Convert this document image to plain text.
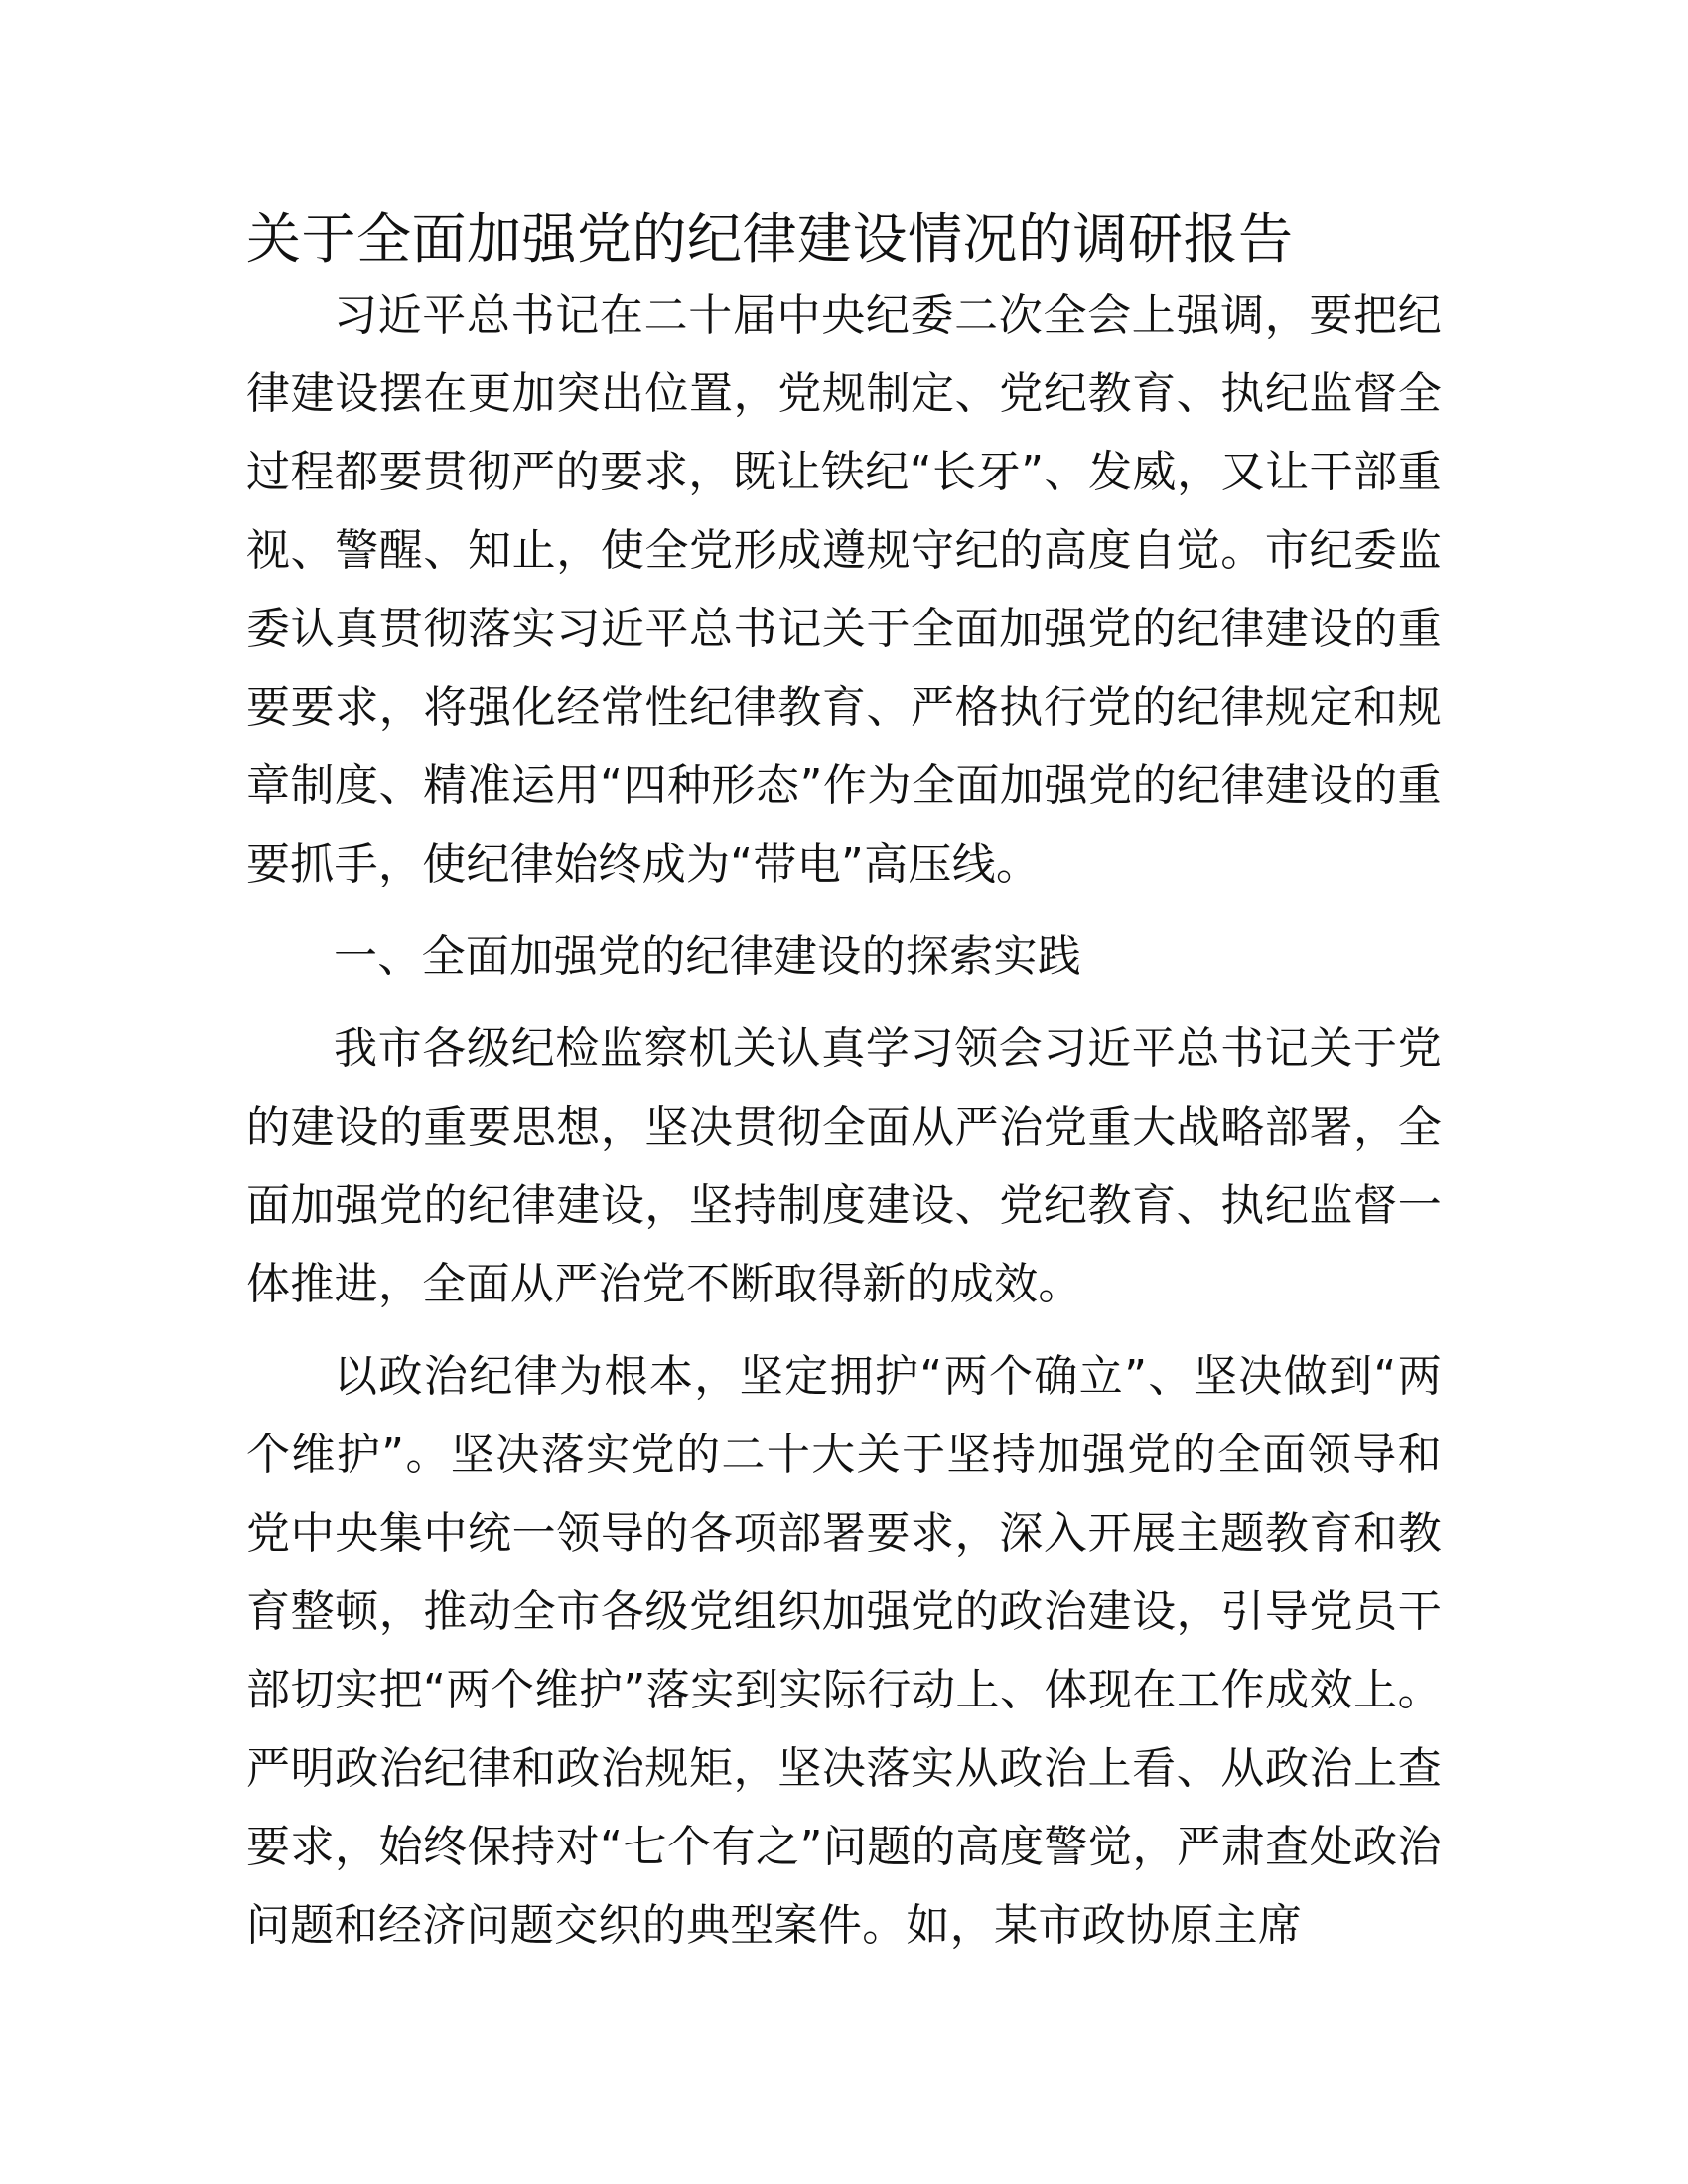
关于全面加强党的纪律建设情况的调研报告

习近平总书记在二十届中央纪委二次全会上强调，要把纪律建设摆在更加突出位置，党规制定、党纪教育、执纪监督全过程都要贯彻严的要求，既让铁纪“长牙”、发威，又让干部重视、警醒、知止，使全党形成遵规守纪的高度自觉。市纪委监委认真贯彻落实习近平总书记关于全面加强党的纪律建设的重要要求，将强化经常性纪律教育、严格执行党的纪律规定和规章制度、精准运用“四种形态”作为全面加强党的纪律建设的重要抓手，使纪律始终成为“带电”高压线。

一、全面加强党的纪律建设的探索实践

我市各级纪检监察机关认真学习领会习近平总书记关于党的建设的重要思想，坚决贯彻全面从严治党重大战略部署，全面加强党的纪律建设，坚持制度建设、党纪教育、执纪监督一体推进，全面从严治党不断取得新的成效。

以政治纪律为根本，坚定拥护“两个确立”、坚决做到“两个维护”。坚决落实党的二十大关于坚持加强党的全面领导和党中央集中统一领导的各项部署要求，深入开展主题教育和教育整顿，推动全市各级党组织加强党的政治建设，引导党员干部切实把“两个维护”落实到实际行动上、体现在工作成效上。严明政治纪律和政治规矩，坚决落实从政治上看、从政治上查要求，始终保持对“七个有之”问题的高度警觉，严肃查处政治问题和经济问题交织的典型案件。如，某市政协原主席
